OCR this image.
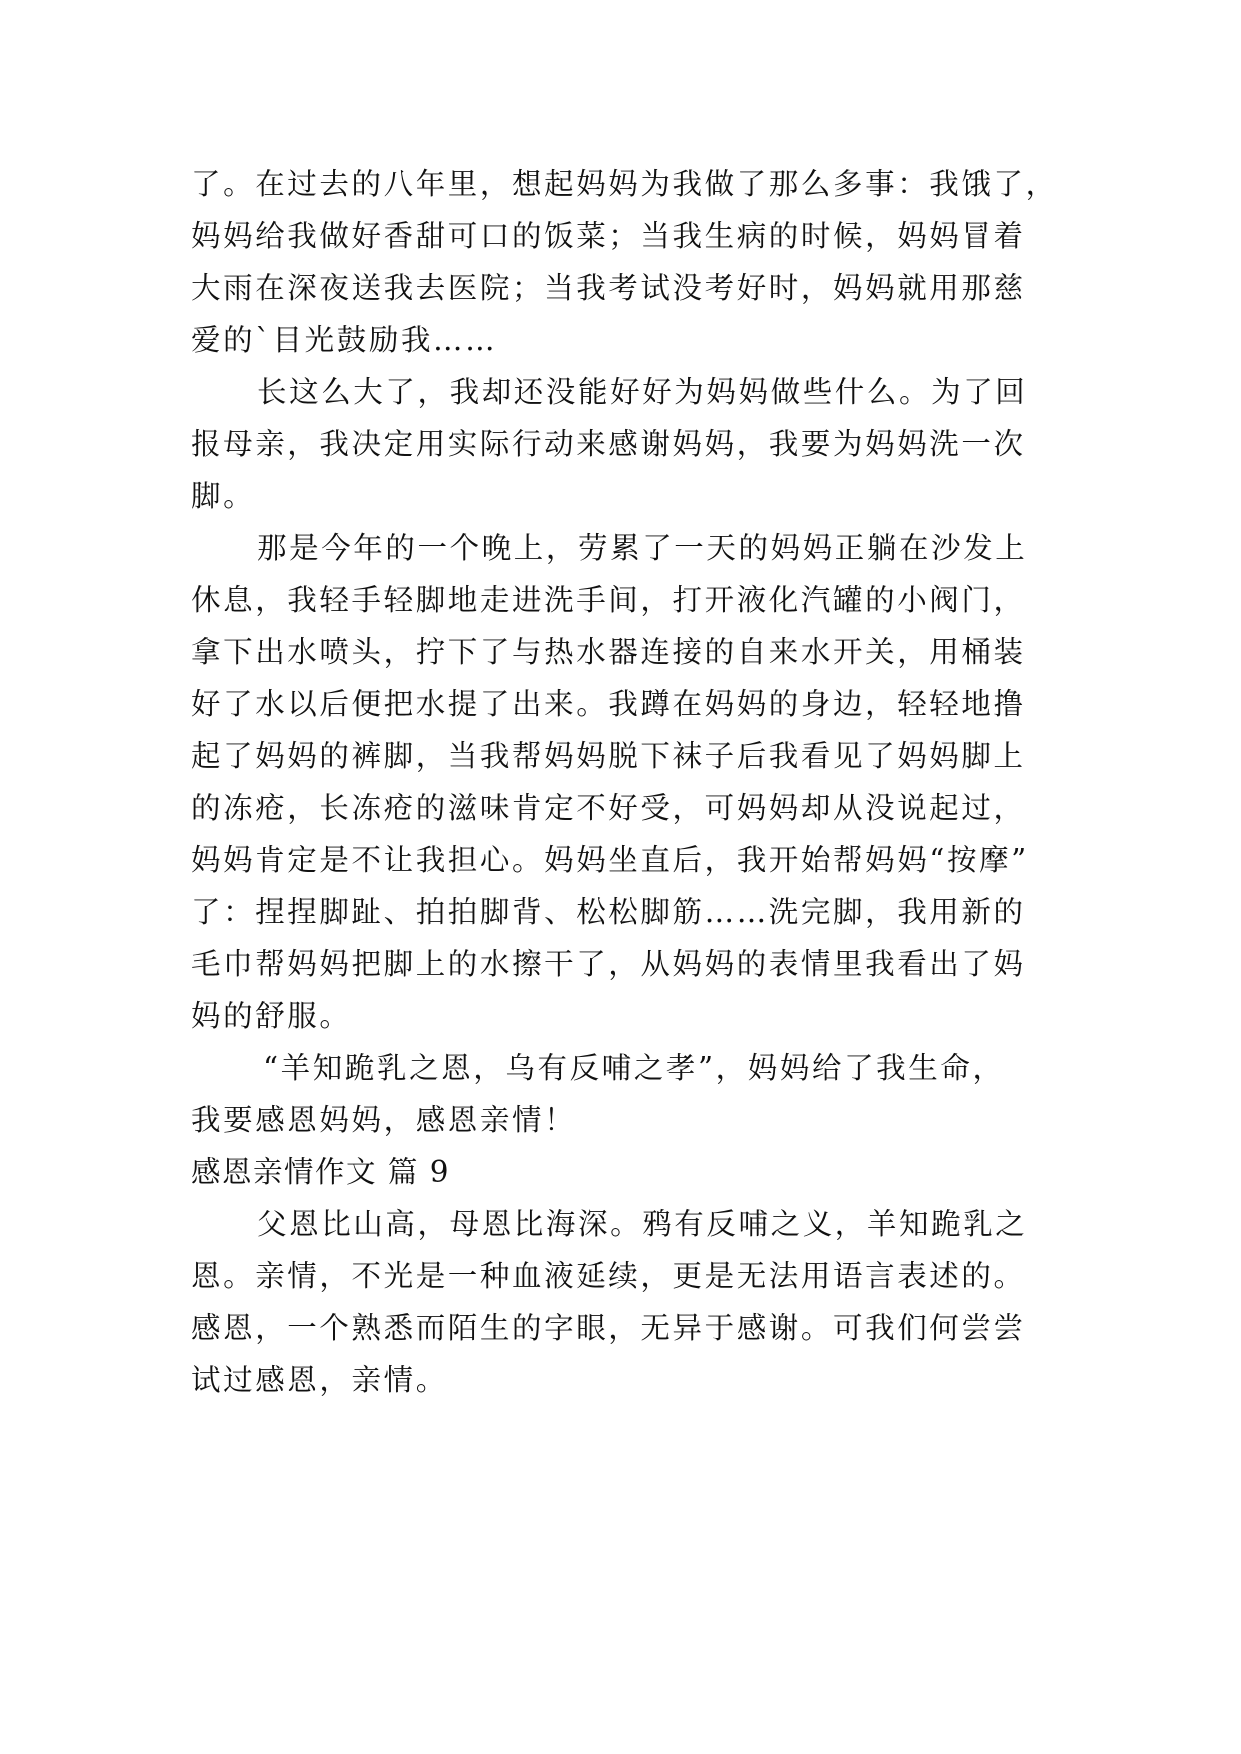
了。在过去的八年里，想起妈妈为我做了那么多事：我饿了，
妈妈给我做好香甜可口的饭菜；当我生病的时候，妈妈冒着
大雨在深夜送我去医院；当我考试没考好时，妈妈就用那慈
爱的`目光鼓励我……
长这么大了，我却还没能好好为妈妈做些什么。为了回
报母亲，我决定用实际行动来感谢妈妈，我要为妈妈洗一次
脚。
那是今年的一个晚上，劳累了一天的妈妈正躺在沙发上
休息，我轻手轻脚地走进洗手间，打开液化汽罐的小阀门，
拿下出水喷头，拧下了与热水器连接的自来水开关，用桶装
好了水以后便把水提了出来。我蹲在妈妈的身边，轻轻地撸
起了妈妈的裤脚，当我帮妈妈脱下袜子后我看见了妈妈脚上
的冻疮，长冻疮的滋味肯定不好受，可妈妈却从没说起过，
妈妈肯定是不让我担心。妈妈坐直后，我开始帮妈妈“按摩”
了：捏捏脚趾、拍拍脚背、松松脚筋……洗完脚，我用新的
毛巾帮妈妈把脚上的水擦干了，从妈妈的表情里我看出了妈
妈的舒服。
“羊知跪乳之恩，乌有反哺之孝”，妈妈给了我生命，
我要感恩妈妈，感恩亲情！
感恩亲情作文 篇 9
父恩比山高，母恩比海深。鸦有反哺之义，羊知跪乳之
恩。亲情，不光是一种血液延续，更是无法用语言表述的。
感恩，一个熟悉而陌生的字眼，无异于感谢。可我们何尝尝
试过感恩，亲情。
